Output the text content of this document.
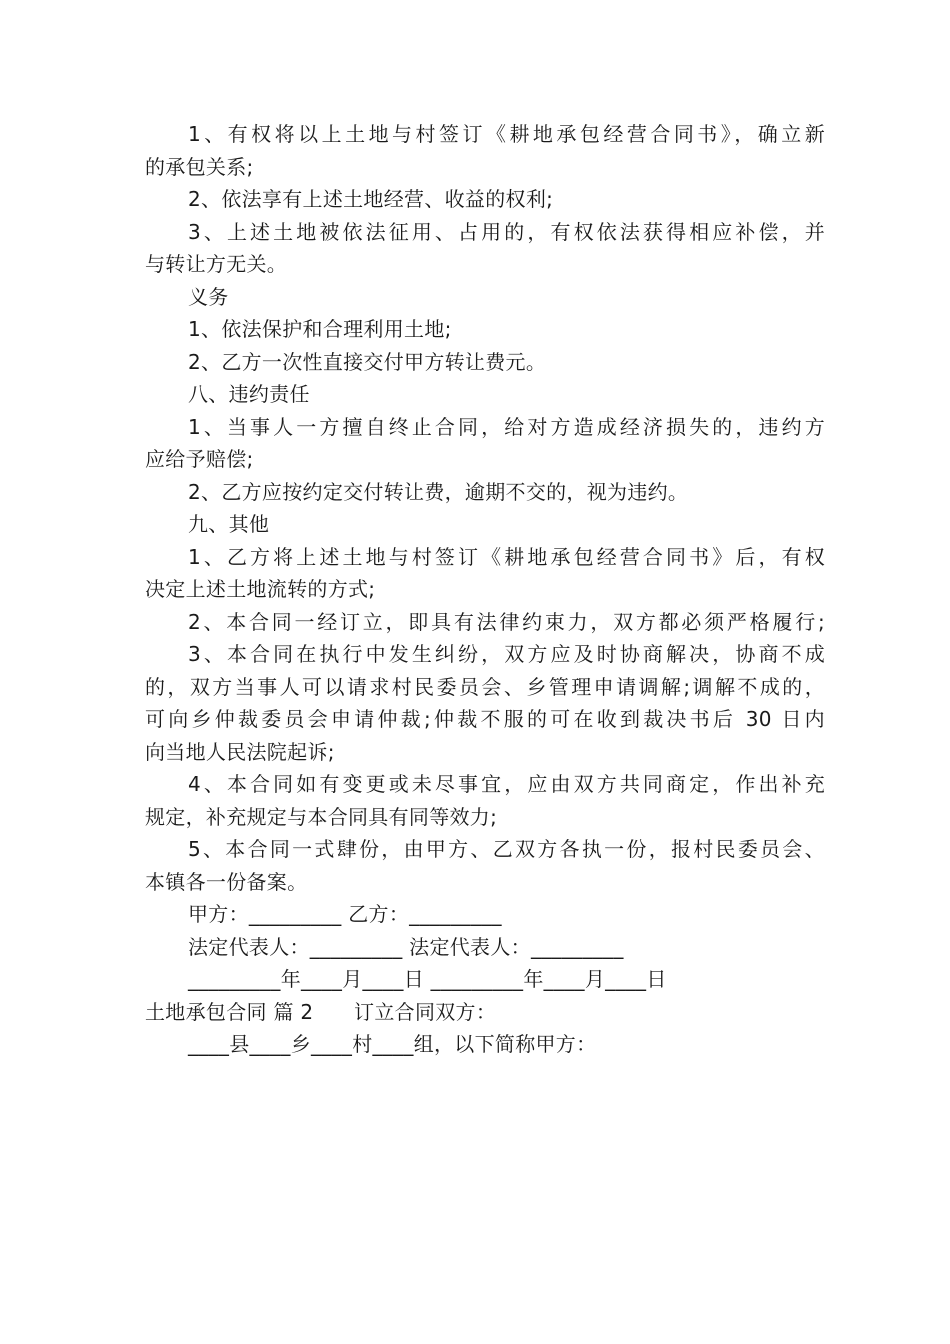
1、有权将以上土地与村签订《耕地承包经营合同书》，确立新
的承包关系;
2、依法享有上述土地经营、收益的权利;
3、上述土地被依法征用、占用的，有权依法获得相应补偿，并
与转让方无关。
义务
1、依法保护和合理利用土地;
2、乙方一次性直接交付甲方转让费元。
八、违约责任
1、当事人一方擅自终止合同，给对方造成经济损失的，违约方
应给予赔偿;
2、乙方应按约定交付转让费，逾期不交的，视为违约。
九、其他
1、乙方将上述土地与村签订《耕地承包经营合同书》后，有权
决定上述土地流转的方式;
2、本合同一经订立，即具有法律约束力，双方都必须严格履行;
3、本合同在执行中发生纠纷，双方应及时协商解决，协商不成
的，双方当事人可以请求村民委员会、乡管理申请调解;调解不成的，
可向乡仲裁委员会申请仲裁;仲裁不服的可在收到裁决书后 30 日内
向当地人民法院起诉;
4、本合同如有变更或未尽事宜，应由双方共同商定，作出补充
规定，补充规定与本合同具有同等效力;
5、本合同一式肆份，由甲方、乙双方各执一份，报村民委员会、
本镇各一份备案。
甲方：_________ 乙方：_________
法定代表人：_________ 法定代表人：_________
_________年____月____日 _________年____月____日
土地承包合同 篇 2　　订立合同双方：
____县____乡____村____组，以下简称甲方：
